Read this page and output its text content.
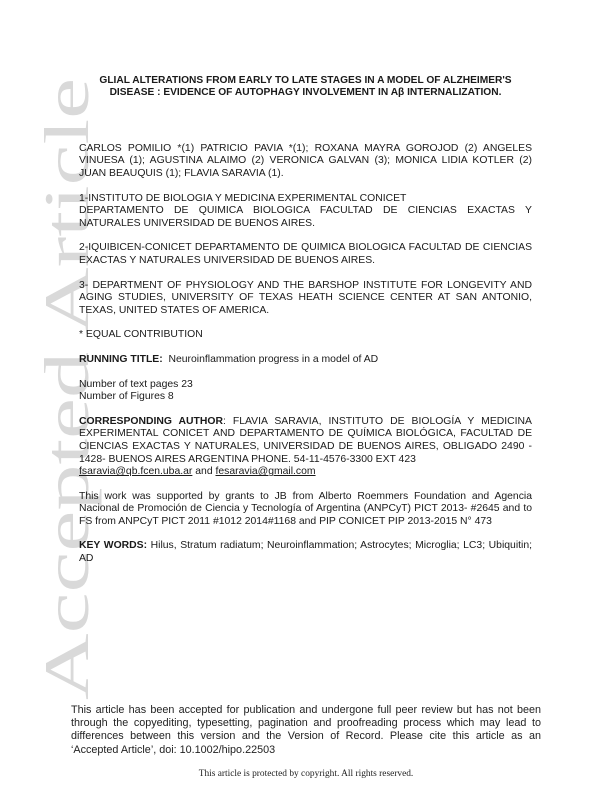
Accepted Article
GLIAL ALTERATIONS FROM EARLY TO LATE STAGES IN A MODEL OF ALZHEIMER'S
DISEASE : EVIDENCE OF AUTOPHAGY INVOLVEMENT IN Aβ INTERNALIZATION.

CARLOS POMILIO *(1) PATRICIO PAVIA *(1); ROXANA MAYRA GOROJOD (2) ANGELES VINUESA (1); AGUSTINA ALAIMO (2) VERONICA GALVAN (3); MONICA LIDIA KOTLER (2) JUAN BEAUQUIS (1); FLAVIA SARAVIA (1).

1-INSTITUTO DE BIOLOGIA Y MEDICINA EXPERIMENTAL CONICET
DEPARTAMENTO DE QUIMICA BIOLOGICA FACULTAD DE CIENCIAS EXACTAS Y NATURALES UNIVERSIDAD DE BUENOS AIRES.

2-IQUIBICEN-CONICET DEPARTAMENTO DE QUIMICA BIOLOGICA FACULTAD DE CIENCIAS EXACTAS Y NATURALES UNIVERSIDAD DE BUENOS AIRES.

3- DEPARTMENT OF PHYSIOLOGY AND THE BARSHOP INSTITUTE FOR LONGEVITY AND AGING STUDIES, UNIVERSITY OF TEXAS HEATH SCIENCE CENTER AT SAN ANTONIO, TEXAS, UNITED STATES OF AMERICA.

* EQUAL CONTRIBUTION

RUNNING TITLE: Neuroinflammation progress in a model of AD

Number of text pages 23
Number of Figures 8

CORRESPONDING AUTHOR: FLAVIA SARAVIA, INSTITUTO DE BIOLOGÍA Y MEDICINA EXPERIMENTAL CONICET AND DEPARTAMENTO DE QUÍMICA BIOLÓGICA, FACULTAD DE CIENCIAS EXACTAS Y NATURALES, UNIVERSIDAD DE BUENOS AIRES, OBLIGADO 2490 - 1428- BUENOS AIRES ARGENTINA PHONE. 54-11-4576-3300 EXT 423
fsaravia@qb.fcen.uba.ar and fesaravia@gmail.com

This work was supported by grants to JB from Alberto Roemmers Foundation and Agencia Nacional de Promoción de Ciencia y Tecnología of Argentina (ANPCyT) PICT 2013- #2645 and to FS from ANPCyT PICT 2011 #1012 2014#1168 and PIP CONICET PIP 2013-2015 N° 473

KEY WORDS: Hilus, Stratum radiatum; Neuroinflammation; Astrocytes; Microglia; LC3; Ubiquitin; AD

This article has been accepted for publication and undergone full peer review but has not been through the copyediting, typesetting, pagination and proofreading process which may lead to differences between this version and the Version of Record. Please cite this article as an ‘Accepted Article’, doi: 10.1002/hipo.22503

This article is protected by copyright. All rights reserved.
